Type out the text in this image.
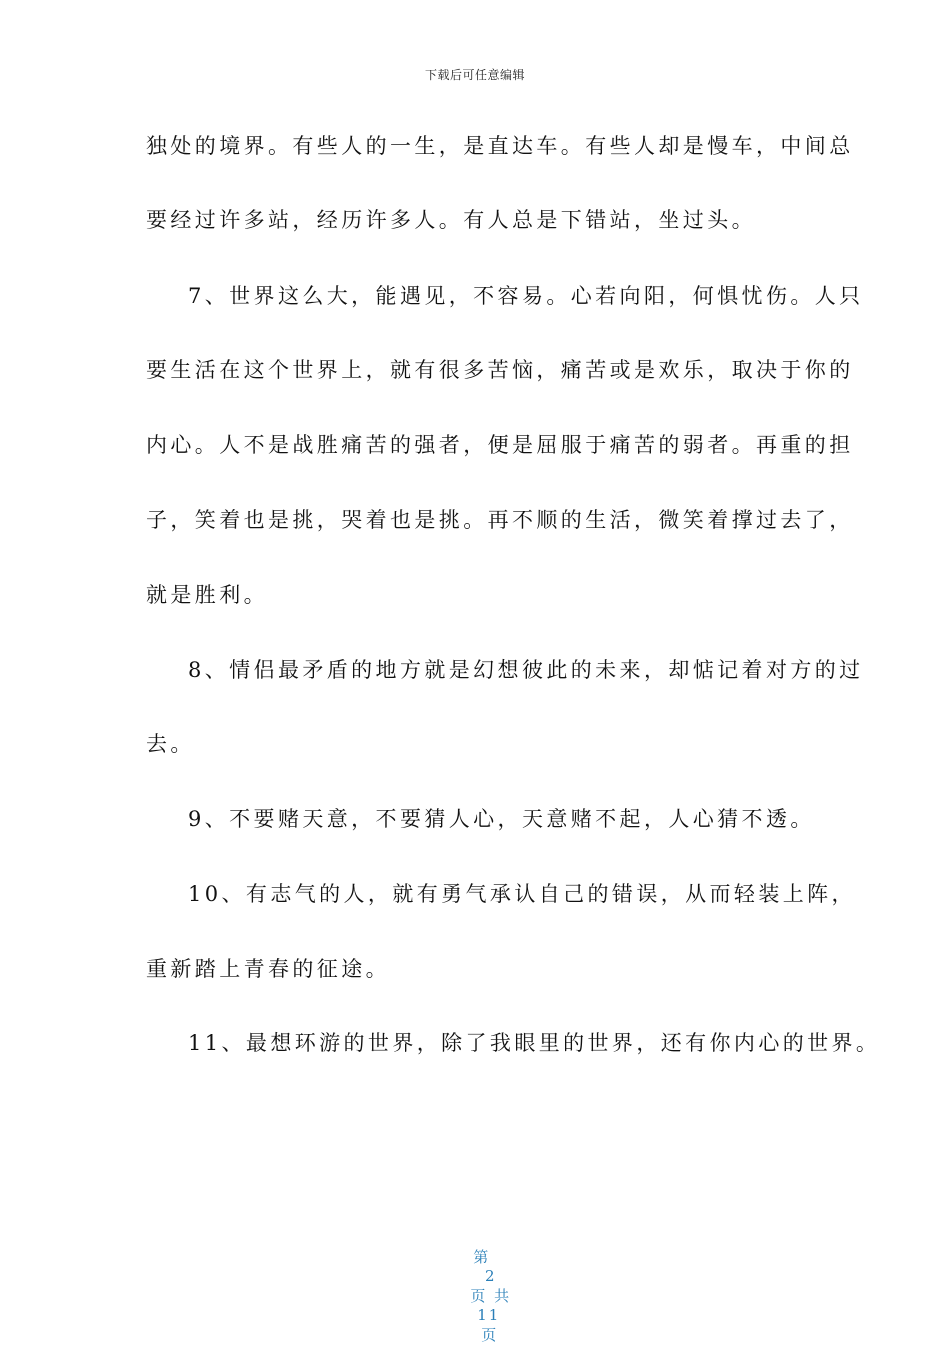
下载后可任意编辑
独处的境界。有些人的一生，是直达车。有些人却是慢车，中间总
要经过许多站，经历许多人。有人总是下错站，坐过头。
7、世界这么大，能遇见，不容易。心若向阳，何惧忧伤。人只
要生活在这个世界上，就有很多苦恼，痛苦或是欢乐，取决于你的
内心。人不是战胜痛苦的强者，便是屈服于痛苦的弱者。再重的担
子，笑着也是挑，哭着也是挑。再不顺的生活，微笑着撑过去了，
就是胜利。
8、情侣最矛盾的地方就是幻想彼此的未来，却惦记着对方的过
去。
9、不要赌天意，不要猜人心，天意赌不起，人心猜不透。
10、有志气的人，就有勇气承认自己的错误，从而轻装上阵，
重新踏上青春的征途。
11、最想环游的世界，除了我眼里的世界，还有你内心的世界。

第
2
页 共
11
页
